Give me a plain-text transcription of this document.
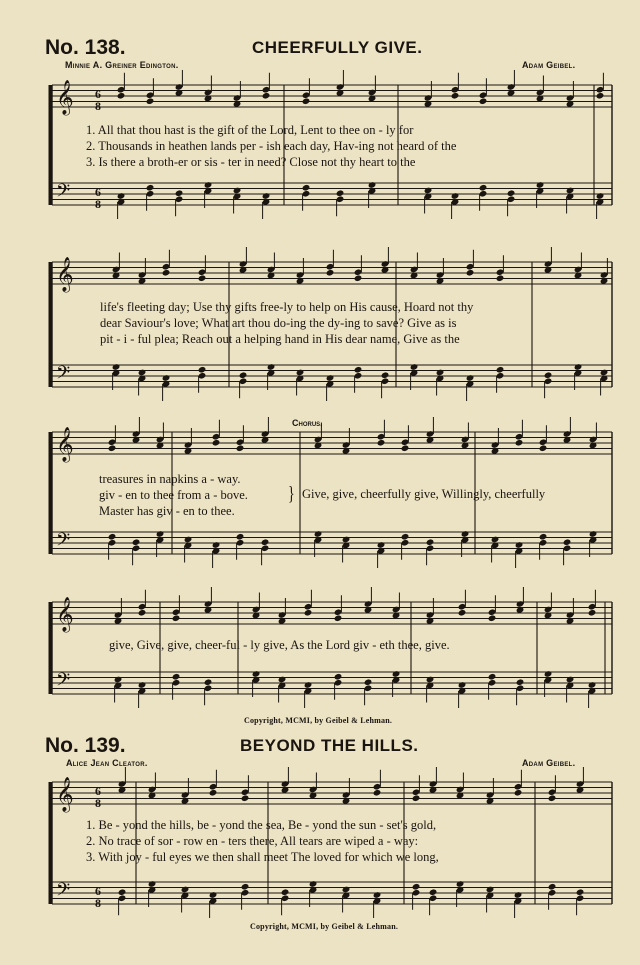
𝄞
𝄢
6
8
6
8
𝄞
𝄢
𝄞
𝄢
𝄞
𝄢
𝄞
𝄢
6
8
6
8
No. 138.	CHEERFULLY GIVE.
Minnie A. Greiner Edington.	Adam Geibel.
1. All that thou hast is the gift of the Lord, Lent to thee on - ly for
2. Thousands in heathen lands per - ish each day, Hav-ing not heard of the
3. Is there a broth-er or sis - ter in need? Close not thy heart to the
life's fleeting day; Use thy gifts free-ly to help on His cause, Hoard not thy
dear Saviour's love; What art thou do-ing the dy-ing to save? Give as is
pit - i - ful plea; Reach out a helping hand in His dear name, Give as the
Chorus.
treasures in napkins a - way.
giv - en to thee from a - bove.
Master has giv - en to thee.
} Give, give, cheerfully give, Willingly, cheerfully
give, Give, give, cheer-ful - ly give, As the Lord giv - eth thee, give.
Copyright, MCMI, by Geibel & Lehman.
No. 139.	BEYOND THE HILLS.
Alice Jean Cleator.	Adam Geibel.
1. Be - yond the hills, be - yond the sea, Be - yond the sun - set's gold,
2. No trace of sor - row en - ters there, All tears are wiped a - way:
3. With joy - ful eyes we then shall meet The loved for which we long,
Copyright, MCMI, by Geibel & Lehman.
